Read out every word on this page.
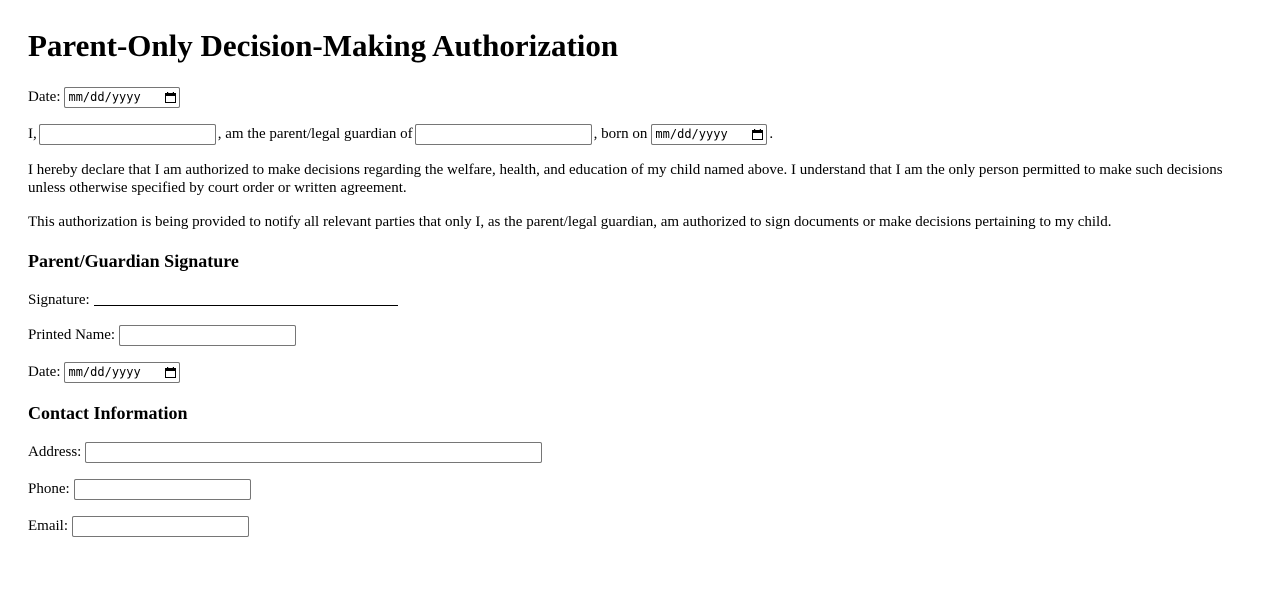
Parent-Only Decision-Making Authorization
Date: mm/dd/yyyy
I,	, am the parent/legal guardian of	, born on mm/dd/yyyy	.

I hereby declare that I am authorized to make decisions regarding the welfare, health, and education of my child named above. I understand that I am the only person permitted to make such decisions unless otherwise specified by court order or written agreement.

This authorization is being provided to notify all relevant parties that only I, as the parent/legal guardian, am authorized to sign documents or make decisions pertaining to my child.

Parent/Guardian Signature
Signature:
Printed Name:
Date: mm/dd/yyyy
Contact Information
Address:
Phone:
Email:
